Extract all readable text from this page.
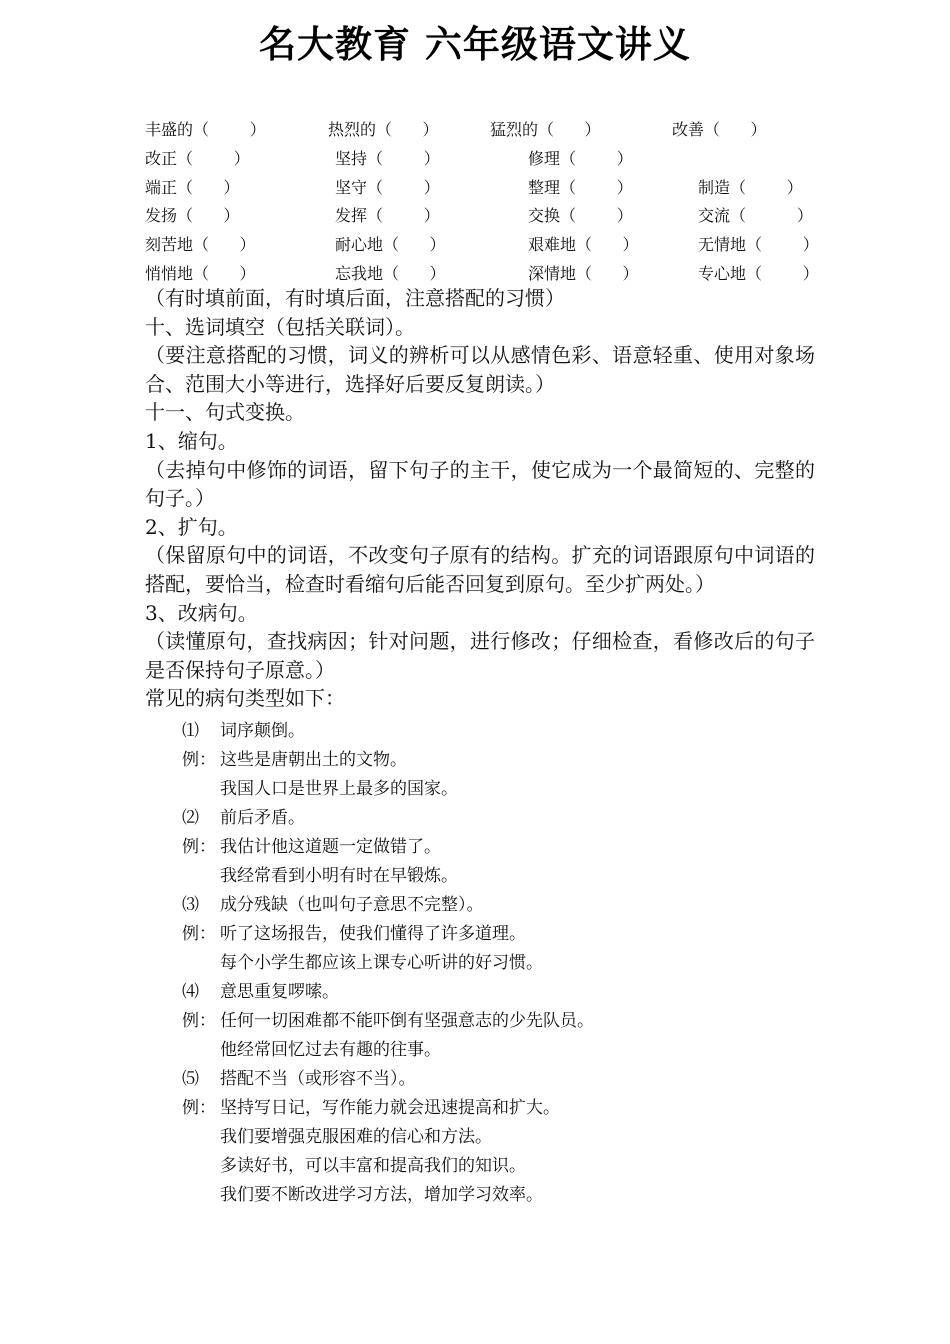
名大教育 六年级语文讲义
丰盛的（        ）	热烈的（      ）	猛烈的（      ）	改善（      ）
改正（        ）	坚持（        ）	修理（        ）
端正（      ）	坚守（        ）	整理（        ）	制造（        ）
发扬（      ）	发挥（        ）	交换（        ）	交流（          ）
刻苦地（      ）	耐心地（      ）	艰难地（      ）	无情地（        ）
悄悄地（      ）	忘我地（      ）	深情地（      ）	专心地（        ）

（有时填前面，有时填后面，注意搭配的习惯）

十、选词填空（包括关联词）。

（要注意搭配的习惯，词义的辨析可以从感情色彩、语意轻重、使用对象场合、范围大小等进行，选择好后要反复朗读。）

十一、句式变换。

1、缩句。

（去掉句中修饰的词语，留下句子的主干，使它成为一个最简短的、完整的句子。）

2、扩句。

（保留原句中的词语，不改变句子原有的结构。扩充的词语跟原句中词语的搭配，要恰当，检查时看缩句后能否回复到原句。至少扩两处。）

3、改病句。

（读懂原句，查找病因；针对问题，进行修改；仔细检查，看修改后的句子是否保持句子原意。）

常见的病句类型如下：

⑴ 词序颠倒。
例： 这些是唐朝出土的文物。
我国人口是世界上最多的国家。
⑵ 前后矛盾。
例： 我估计他这道题一定做错了。
我经常看到小明有时在早锻炼。
⑶ 成分残缺（也叫句子意思不完整）。
例： 听了这场报告，使我们懂得了许多道理。
每个小学生都应该上课专心听讲的好习惯。
⑷ 意思重复啰嗦。
例： 任何一切困难都不能吓倒有坚强意志的少先队员。
他经常回忆过去有趣的往事。
⑸ 搭配不当（或形容不当）。
例： 坚持写日记，写作能力就会迅速提高和扩大。
我们要增强克服困难的信心和方法。
多读好书，可以丰富和提高我们的知识。
我们要不断改进学习方法，增加学习效率。
